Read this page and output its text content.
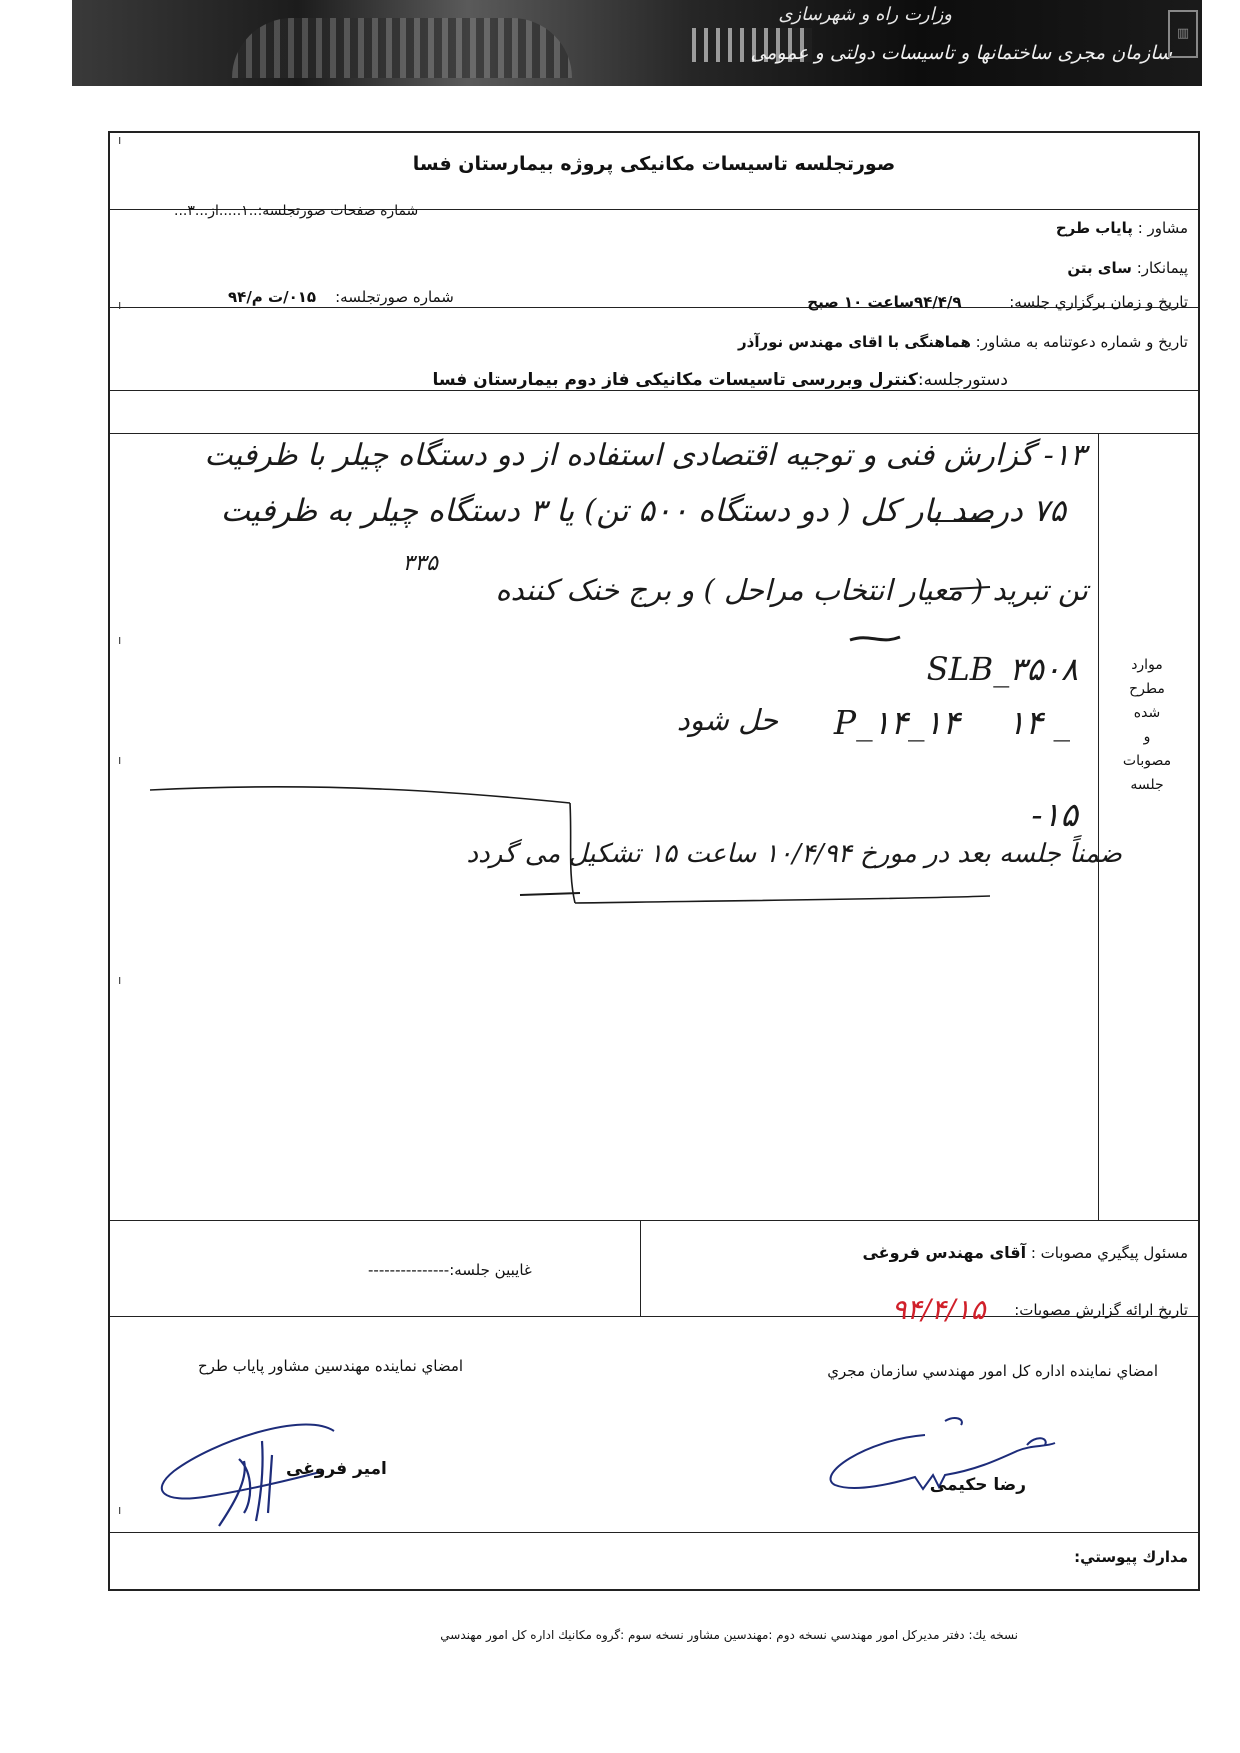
وزارت راه و شهرسازی
سازمان مجری ساختمانها و تاسیسات دولتی و عمومی
▥
صورتجلسه تاسیسات مکانیکی پروژه بیمارستان فسا
شماره صفحات صورتجلسه:..۱.....از...۳...
مشاور : پایاب طرح
پیمانکار: سای بتن
تاریخ و زمان برگزاري جلسه:          ۹۴/۴/۹ساعت ۱۰ صبح
شماره صورتجلسه:    ۰۱۵/ت م/۹۴
تاریخ و شماره دعوتنامه به مشاور: هماهنگی با اقای مهندس نورآذر
دستورجلسه:کنترل وبررسی تاسیسات مکانیکی فاز دوم بیمارستان فسا
موارد
مطرح
شده
و
مصوبات
جلسه
۱۳- گزارش فنی و توجیه اقتصادی استفاده از دو دستگاه چیلر با ظرفیت
۷۵ درصد بار کل ( دو دستگاه ۵۰۰ تن) یا ۳ دستگاه چیلر به ظرفیت
۳۳۵
تن تبرید ( معیار انتخاب مراحل ) و برج خنک کننده
SLB_۳۵۰۸
۱۴ _
P_۱۴_۱۴
حل شود
۱۵-
ضمناً جلسه بعد در مورخ ۱۰/۴/۹۴ ساعت ۱۵ تشکیل می گردد
مسئول پيگيري مصوبات : آقای مهندس فروغی
غايبين جلسه:---------------
تاريخ ارائه گزارش مصوبات:      ۹۴/۴/۱۵
امضاي نماينده اداره كل امور مهندسي سازمان مجري
امضاي نماينده مهندسين مشاور پاياب طرح
رضا حکیمی
امیر فروغی
مدارك پيوستي:
ı
ı
ı
ı
ı
ı
نسخه يك: دفتر مديركل امور مهندسي نسخه دوم :مهندسين مشاور نسخه سوم :گروه مكانيك اداره كل امور مهندسي
